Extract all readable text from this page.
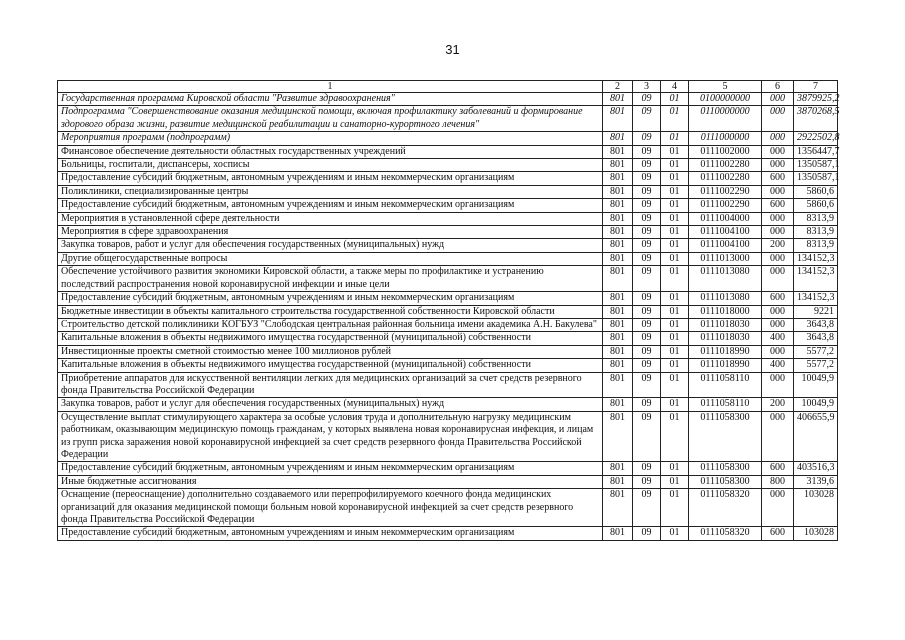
31
1	2	3	4	5	6	7
Государственная программа Кировской области "Развитие здравоохранения"	801	09	01	0100000000	000	3879925,2
Подпрограмма "Совершенствование оказания медицинской помощи, включая профилактику заболеваний и формирование здорового образа жизни, развитие медицинской реабилитации и санаторно-курортного лечения"	801	09	01	0110000000	000	3870268,5
Мероприятия программ (подпрограмм)	801	09	01	0111000000	000	2922502,8
Финансовое обеспечение деятельности областных государственных учреждений	801	09	01	0111002000	000	1356447,7
Больницы, госпитали, диспансеры, хосписы	801	09	01	0111002280	000	1350587,1
Предоставление субсидий бюджетным, автономным учреждениям и иным некоммерческим организациям	801	09	01	0111002280	600	1350587,1
Поликлиники, специализированные центры	801	09	01	0111002290	000	5860,6
Предоставление субсидий бюджетным, автономным учреждениям и иным некоммерческим организациям	801	09	01	0111002290	600	5860,6
Мероприятия в установленной сфере деятельности	801	09	01	0111004000	000	8313,9
Мероприятия в сфере здравоохранения	801	09	01	0111004100	000	8313,9
Закупка товаров, работ и услуг для обеспечения государственных (муниципальных) нужд	801	09	01	0111004100	200	8313,9
Другие общегосударственные вопросы	801	09	01	0111013000	000	134152,3
Обеспечение устойчивого развития экономики Кировской области, а также меры по профилактике и устранению последствий распространения новой коронавирусной инфекции и иные цели	801	09	01	0111013080	000	134152,3
Предоставление субсидий бюджетным, автономным учреждениям и иным некоммерческим организациям	801	09	01	0111013080	600	134152,3
Бюджетные инвестиции в объекты капитального строительства государственной собственности Кировской области	801	09	01	0111018000	000	9221
Строительство детской поликлиники КОГБУЗ "Слободская центральная районная больница имени академика А.Н. Бакулева"	801	09	01	0111018030	000	3643,8
Капитальные вложения в объекты недвижимого имущества государственной (муниципальной) собственности	801	09	01	0111018030	400	3643,8
Инвестиционные проекты сметной стоимостью менее 100 миллионов рублей	801	09	01	0111018990	000	5577,2
Капитальные вложения в объекты недвижимого имущества государственной (муниципальной) собственности	801	09	01	0111018990	400	5577,2
Приобретение аппаратов для искусственной вентиляции легких для медицинских организаций за счет средств резервного фонда Правительства Российской Федерации	801	09	01	0111058110	000	10049,9
Закупка товаров, работ и услуг для обеспечения государственных (муниципальных) нужд	801	09	01	0111058110	200	10049,9
Осуществление выплат стимулирующего характера за особые условия труда и дополнительную нагрузку медицинским работникам, оказывающим медицинскую помощь гражданам, у которых выявлена новая коронавирусная инфекция, и лицам из групп риска заражения новой коронавирусной инфекцией за счет средств резервного фонда Правительства Российской Федерации	801	09	01	0111058300	000	406655,9
Предоставление субсидий бюджетным, автономным учреждениям и иным некоммерческим организациям	801	09	01	0111058300	600	403516,3
Иные бюджетные ассигнования	801	09	01	0111058300	800	3139,6
Оснащение (переоснащение) дополнительно создаваемого или перепрофилируемого коечного фонда медицинских организаций для оказания медицинской помощи больным новой коронавирусной инфекцией за счет средств резервного фонда Правительства Российской Федерации	801	09	01	0111058320	000	103028
Предоставление субсидий бюджетным, автономным учреждениям и иным некоммерческим организациям	801	09	01	0111058320	600	103028
